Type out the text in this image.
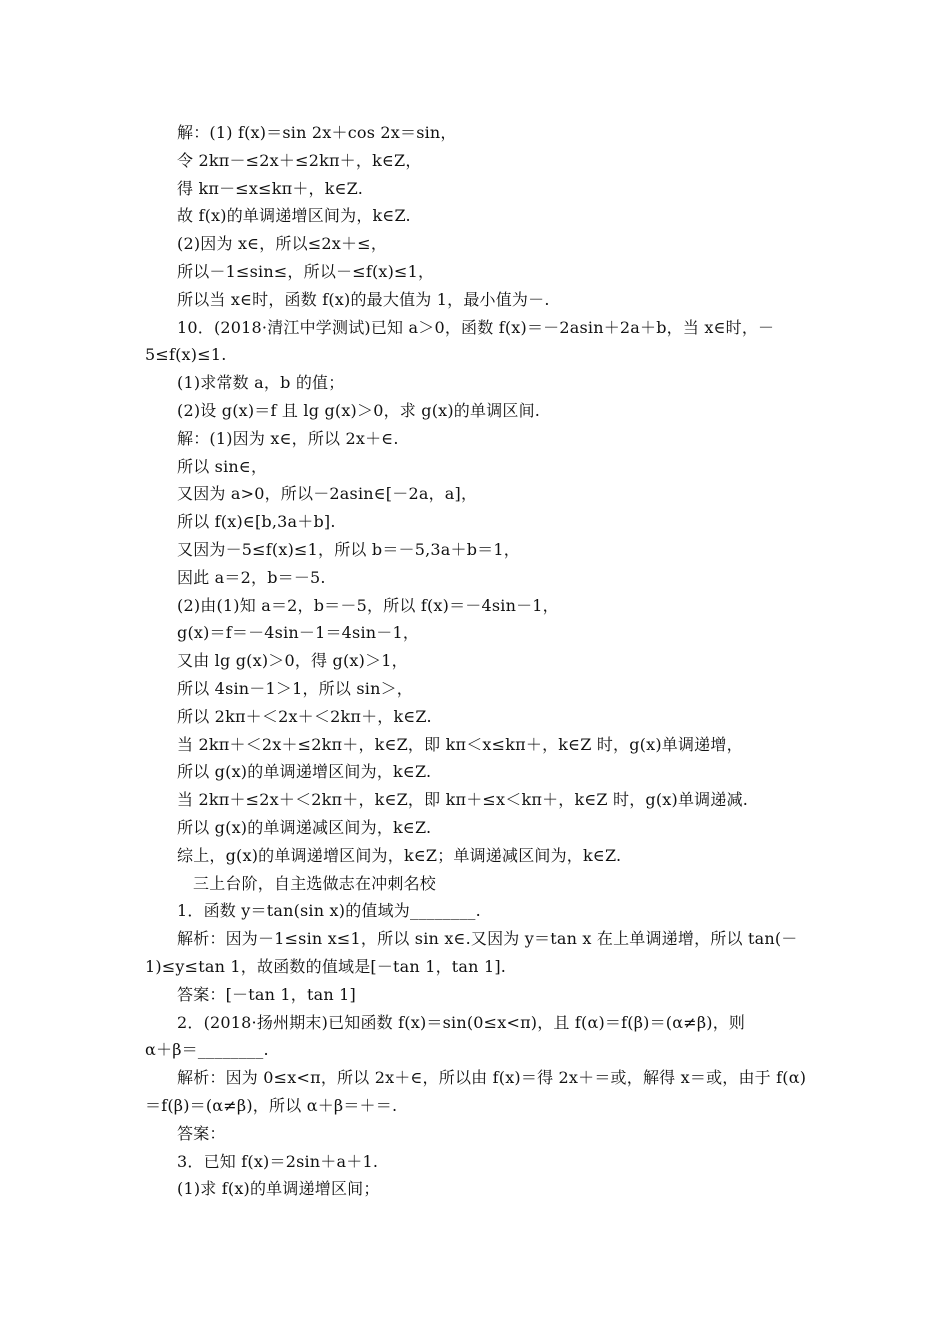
解：(1) f(x)＝sin 2x＋cos 2x＝sin，
令 2kπ－≤2x＋≤2kπ＋，k∈Z，
得 kπ－≤x≤kπ＋，k∈Z.
故 f(x)的单调递增区间为，k∈Z.
(2)因为 x∈，所以≤2x＋≤，
所以－1≤sin≤，所以－≤f(x)≤1，
所以当 x∈时，函数 f(x)的最大值为 1，最小值为－.
10．(2018·清江中学测试)已知 a＞0，函数 f(x)＝－2asin＋2a＋b，当 x∈时，－
5≤f(x)≤1.
(1)求常数 a，b 的值；
(2)设 g(x)＝f 且 lg g(x)＞0，求 g(x)的单调区间.
解：(1)因为 x∈，所以 2x＋∈.
所以 sin∈，
又因为 a>0，所以－2asin∈[－2a，a]，
所以 f(x)∈[b,3a＋b].
又因为－5≤f(x)≤1，所以 b＝－5,3a＋b＝1，
因此 a＝2，b＝－5.
(2)由(1)知 a＝2，b＝－5，所以 f(x)＝－4sin－1，
g(x)＝f＝－4sin－1＝4sin－1，
又由 lg g(x)＞0，得 g(x)＞1，
所以 4sin－1＞1，所以 sin＞，
所以 2kπ＋＜2x＋＜2kπ＋，k∈Z.
当 2kπ＋＜2x＋≤2kπ＋，k∈Z，即 kπ＜x≤kπ＋，k∈Z 时，g(x)单调递增，
所以 g(x)的单调递增区间为，k∈Z.
当 2kπ＋≤2x＋＜2kπ＋，k∈Z，即 kπ＋≤x＜kπ＋，k∈Z 时，g(x)单调递减.
所以 g(x)的单调递减区间为，k∈Z.
综上，g(x)的单调递增区间为，k∈Z；单调递减区间为，k∈Z.
三上台阶，自主选做志在冲刺名校
1．函数 y＝tan(sin x)的值域为________.
解析：因为－1≤sin x≤1，所以 sin x∈.又因为 y＝tan x 在上单调递增，所以 tan(－
1)≤y≤tan 1，故函数的值域是[－tan 1，tan 1].
答案：[－tan 1，tan 1]
2．(2018·扬州期末)已知函数 f(x)＝sin(0≤x<π)，且 f(α)＝f(β)＝(α≠β)，则
α＋β＝________.
解析：因为 0≤x<π，所以 2x＋∈，所以由 f(x)＝得 2x＋＝或，解得 x＝或，由于 f(α)
＝f(β)＝(α≠β)，所以 α＋β＝＋＝.
答案：
3．已知 f(x)＝2sin＋a＋1.
(1)求 f(x)的单调递增区间；
